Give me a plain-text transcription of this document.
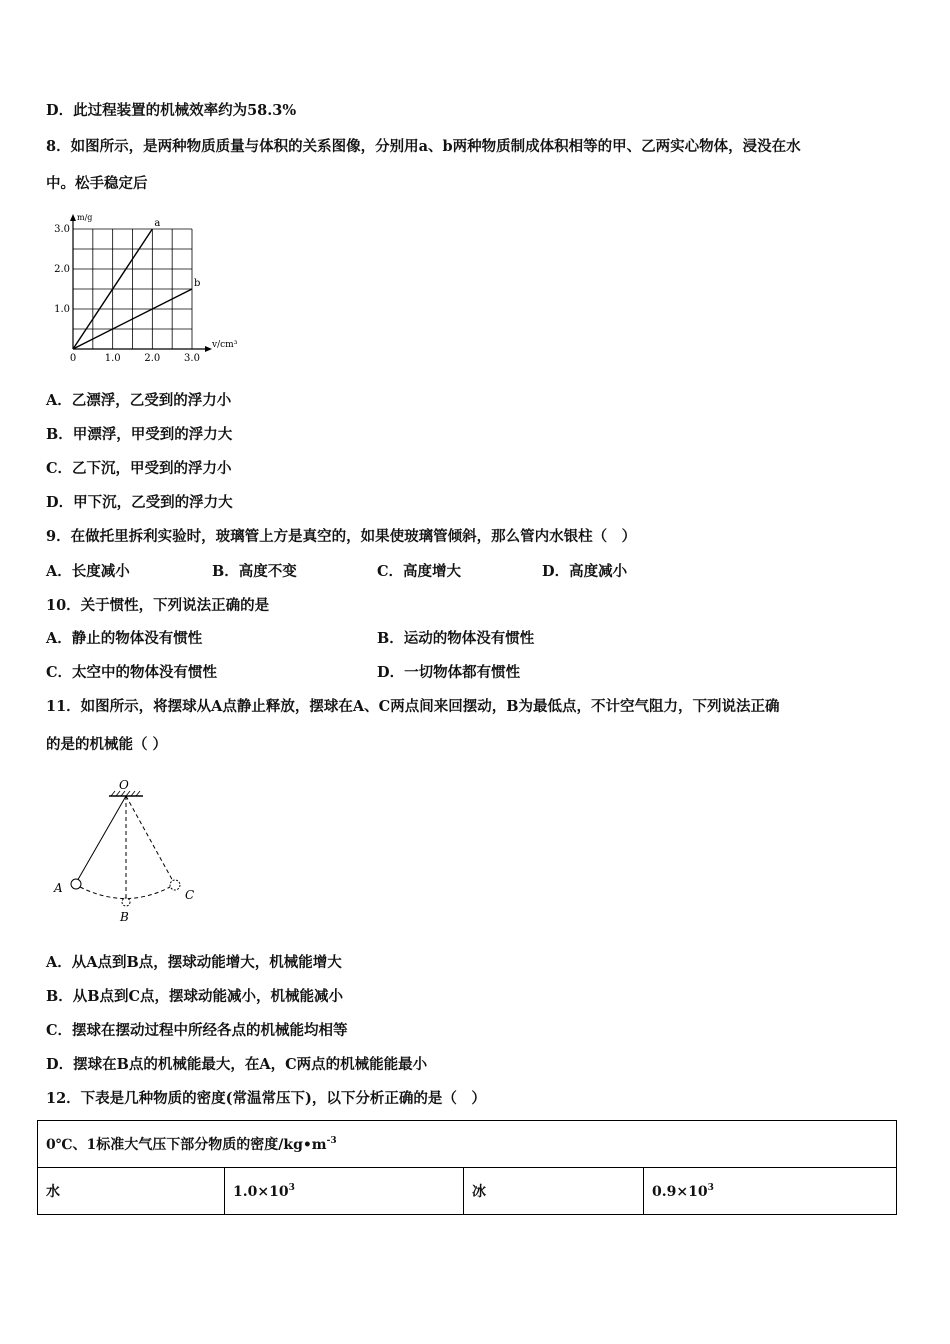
D．此过程装置的机械效率约为58.3%
8．如图所示，是两种物质质量与体积的关系图像，分别用a、b两种物质制成体积相等的甲、乙两实心物体，浸没在水
中。松手稳定后
a
b
m/g
v/cm³
0	1.0 2.0 3.0
1.0
2.0
3.0
A．乙漂浮，乙受到的浮力小
B．甲漂浮，甲受到的浮力大
C．乙下沉，甲受到的浮力小
D．甲下沉，乙受到的浮力大
9．在做托里拆利实验时，玻璃管上方是真空的，如果使玻璃管倾斜，那么管内水银柱（　）
A．长度减小	B．高度不变	C．高度增大	D．高度减小
10．关于惯性，下列说法正确的是
A．静止的物体没有惯性	B．运动的物体没有惯性
C．太空中的物体没有惯性	D．一切物体都有惯性
11．如图所示，将摆球从A点静止释放，摆球在A、C两点间来回摆动，B为最低点，不计空气阻力，下列说法正确
的是的机械能（ ）
O
A
B
C
A．从A点到B点，摆球动能增大，机械能增大
B．从B点到C点，摆球动能减小，机械能减小
C．摆球在摆动过程中所经各点的机械能均相等
D．摆球在B点的机械能最大，在A，C两点的机械能能最小
12．下表是几种物质的密度(常温常压下)，以下分析正确的是（　）
0℃、1标准大气压下部分物质的密度$/kg•m^{-3}$
水	$1.0\times 10^3$	冰	$0.9\times 10^3$
